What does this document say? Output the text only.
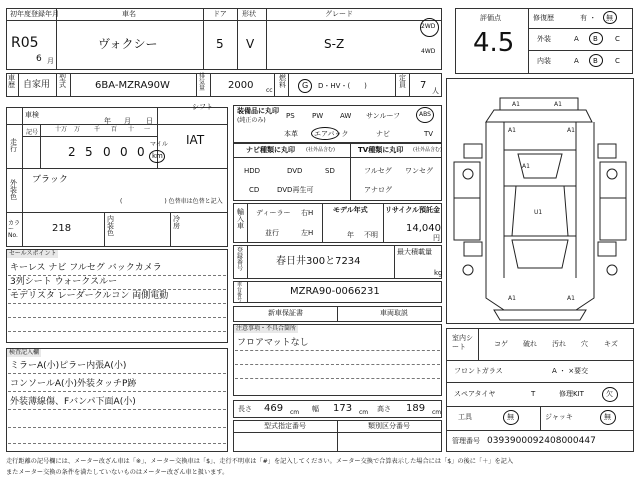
初年度登録年月
R05
6 月
車名
ヴォクシー
ドア
5
形状
V
グレード
S-Z
2WD
4WD
評価点
4.5
修復歴	有 ・ 無
外装	A B C
内装	A B C
車歴 自家用
型式	6BA-MZRA90W
排気量 2000 cc
燃料 G D・HV・(　　)
定員 7 人
車検
年 月 日
シフト
IAT
走行
記号	十万 万 千 百 十 一
2 5 0 0 0
マイル
km
外装色
ブラック
(　　　　　　　) 色替車は色替と記入
カラーNo.
218
内装色
冷房
装備品に丸印
(純正のみ)
PS PW AW サンルーフ	ABS
本革 エアバック	ナビ	TV
ナビ種類に丸印 (社外品含む)
HDD	DVD	SD
CD	DVD再生可
TV種類に丸印 (社外品含む)
フルセグ ワンセグ
アナログ
輸入車
ディーラー 右H
並行	左H
モデル年式
年 不明
リサイクル預託金
14,040
円
登録番号
春日井300と7234
最大積載量
kg
車台番号
MZRA90-0066231
新車保証書	車両取説
セールスポイント
キーレス ナビ フルセグ バックカメラ
3列シート ウォークスルー
モデリスタ レーダークルコン 両側電動
注意事項・不具合箇所
フロアマットなし
検査記入欄
ミラーA(小)ピラー内張A(小)
コンソールA(小)外装タッチP跡
外装薄線傷、Fバンパ下面A(小)
長さ 469 cm 幅 173 cm 高さ 189 cm
型式指定番号	類別区分番号
室内シート	コゲ 破れ 汚れ 穴 キズ
フロントガラス	A ・ ×要交
スペアタイヤ	T	修理KIT	欠
工具	無	ジャッキ	無
管理番号 0393900092408000447
A1	A1
A1	A1
A1
U1
A1	A1
走行距離の記号欄には、メーター改ざん車は「※」、メーター交換車は「$」、走行不明車は「#」を記入してください。メーター交換で合算表示した場合には「$」の後に「＋」を記入
またメーター交換の条件を満たしていないものはメーター改ざん車と扱います。
